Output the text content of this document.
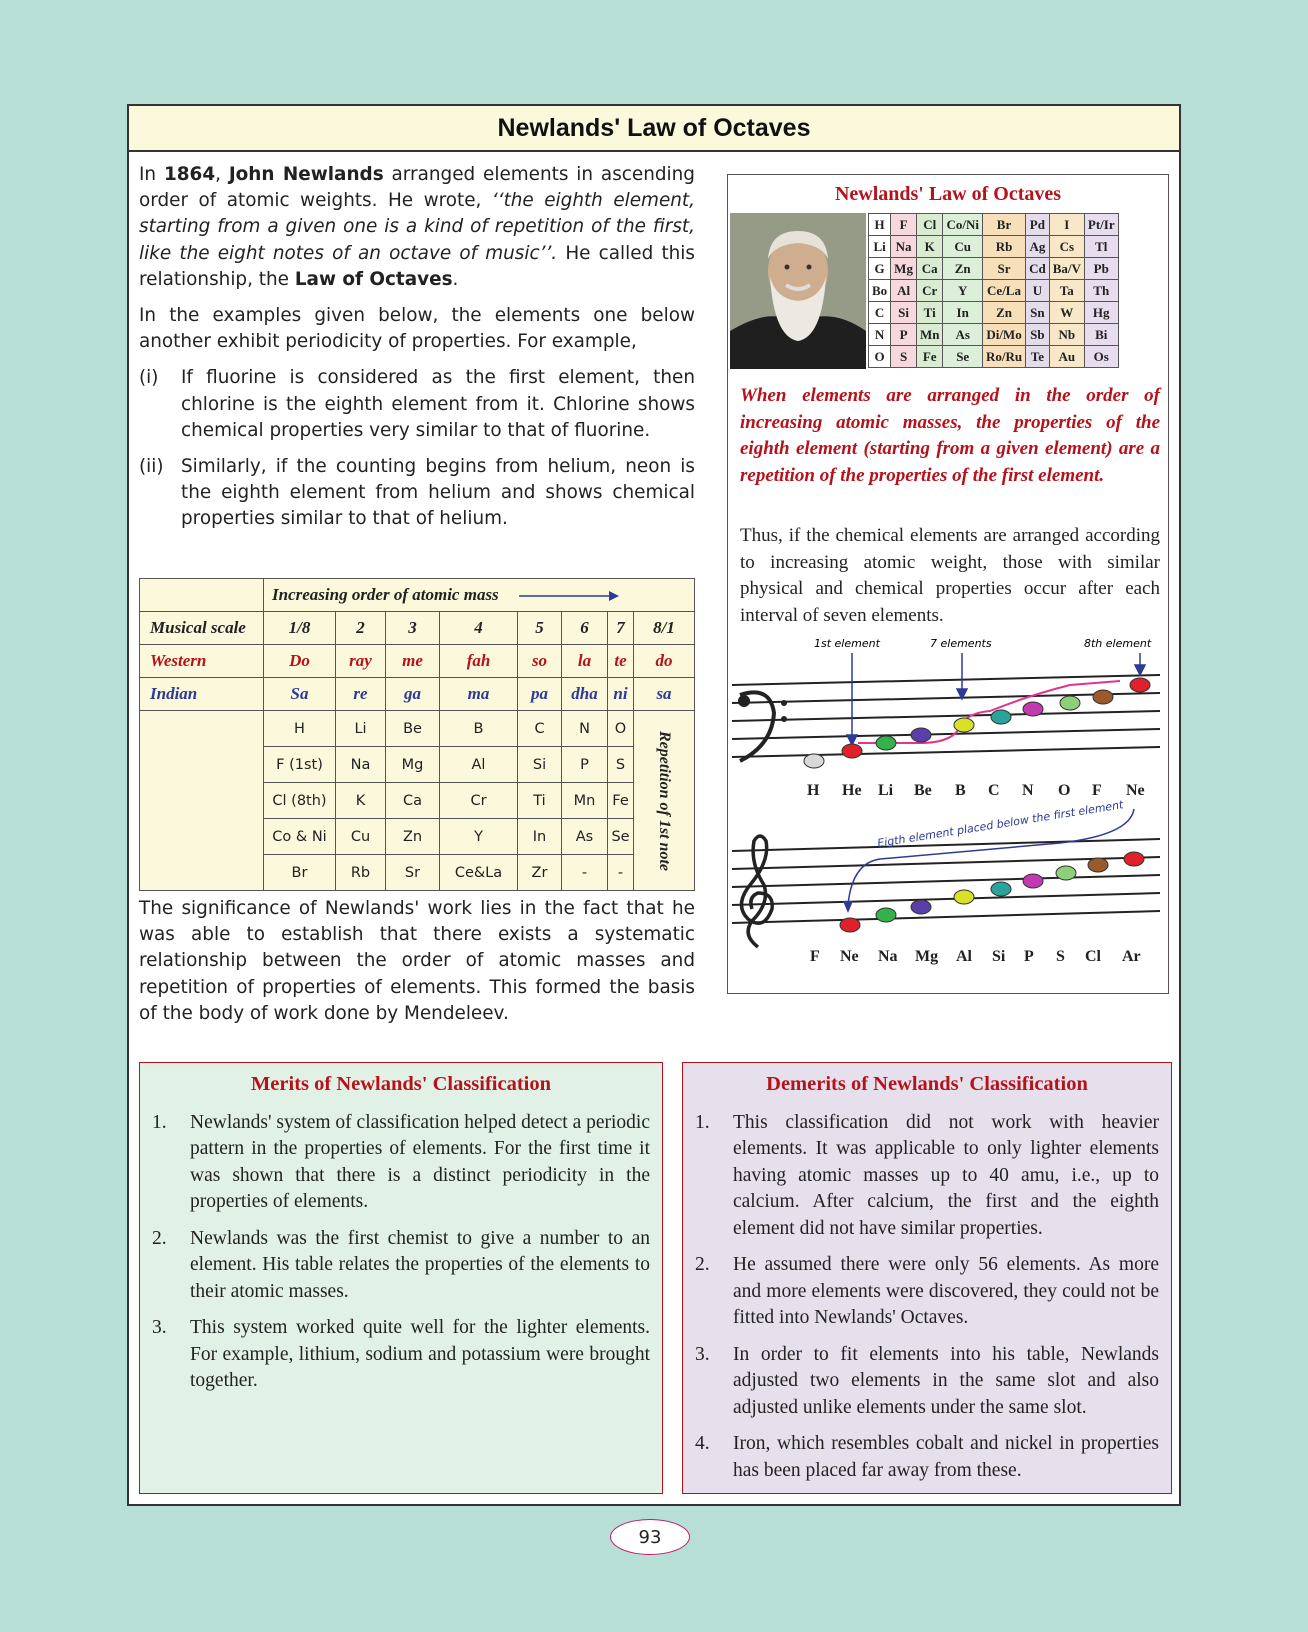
Newlands' Law of Octaves

In 1864, John Newlands arranged elements in ascending order of atomic weights. He wrote, ‘‘the eighth element, starting from a given one is a kind of repetition of the first, like the eight notes of an octave of music’’. He called this relationship, the Law of Octaves.

In the examples given below, the elements one below another exhibit periodicity of properties. For example,

(i)	If fluorine is considered as the first element, then chlorine is the eighth element from it. Chlorine shows chemical properties very similar to that of fluorine.
(ii) Similarly, if the counting begins from helium, neon is the eighth element from helium and shows chemical properties similar to that of helium.
	Increasing order of atomic mass							
Musical scale	1/8	2	3	4	5	6	7	8/1
Western	Do	ray	me	fah	so	la	te	do
Indian	Sa	re	ga	ma	pa	dha	ni	sa
	H	Li	Be	B	C	N	O	Repetition of 1st note

	F (1st)	Na	Mg	Al	Si	P	S	
	Cl (8th)	K	Ca	Cr	Ti	Mn	Fe	
	Co & Ni	Cu	Zn	Y	In	As	Se	
	Br	Rb	Sr	Ce&La	Zr	-	-	

The significance of Newlands' work lies in the fact that he was able to establish that there exists a systematic relationship between the order of atomic masses and repetition of properties of elements. This formed the basis of the body of work done by Mendeleev.

Newlands' Law of Octaves
H	F	Cl	Co/Ni	Br	Pd	I	Pt/Ir
Li	Na	K	Cu	Rb	Ag	Cs	Tl
G	Mg	Ca	Zn	Sr	Cd	Ba/V	Pb
Bo	Al	Cr	Y	Ce/La	U	Ta	Th
C	Si	Ti	In	Zn	Sn	W	Hg
N	P	Mn	As	Di/Mo	Sb	Nb	Bi
O	S	Fe	Se	Ro/Ru	Te	Au	Os
When elements are arranged in the order of increasing atomic masses, the properties of the eighth element (starting from a given element) are a repetition of the properties of the first element.
Thus, if the chemical elements are arranged according to increasing atomic weight, those with similar physical and chemical properties occur after each interval of seven elements.
1st element	7 elements	8th element
H He Li Be B C N O F Ne
Eigth element placed below the first element
F Ne Na Mg Al Si P S Cl Ar
Merits of Newlands' Classification
1.	Newlands' system of classification helped detect a periodic pattern in the properties of elements. For the first time it was shown that there is a distinct periodicity in the properties of elements.
2.	Newlands was the first chemist to give a number to an element. His table relates the properties of the elements to their atomic masses.
3.	This system worked quite well for the lighter elements. For example, lithium, sodium and potassium were brought together.
Demerits of Newlands' Classification
1.	This classification did not work with heavier elements. It was applicable to only lighter elements having atomic masses up to 40 amu, i.e., up to calcium. After calcium, the first and the eighth element did not have similar properties.
2.	He assumed there were only 56 elements. As more and more elements were discovered, they could not be fitted into Newlands' Octaves.
3.	In order to fit elements into his table, Newlands adjusted two elements in the same slot and also adjusted unlike elements under the same slot.
4.	Iron, which resembles cobalt and nickel in properties has been placed far away from these.
93
